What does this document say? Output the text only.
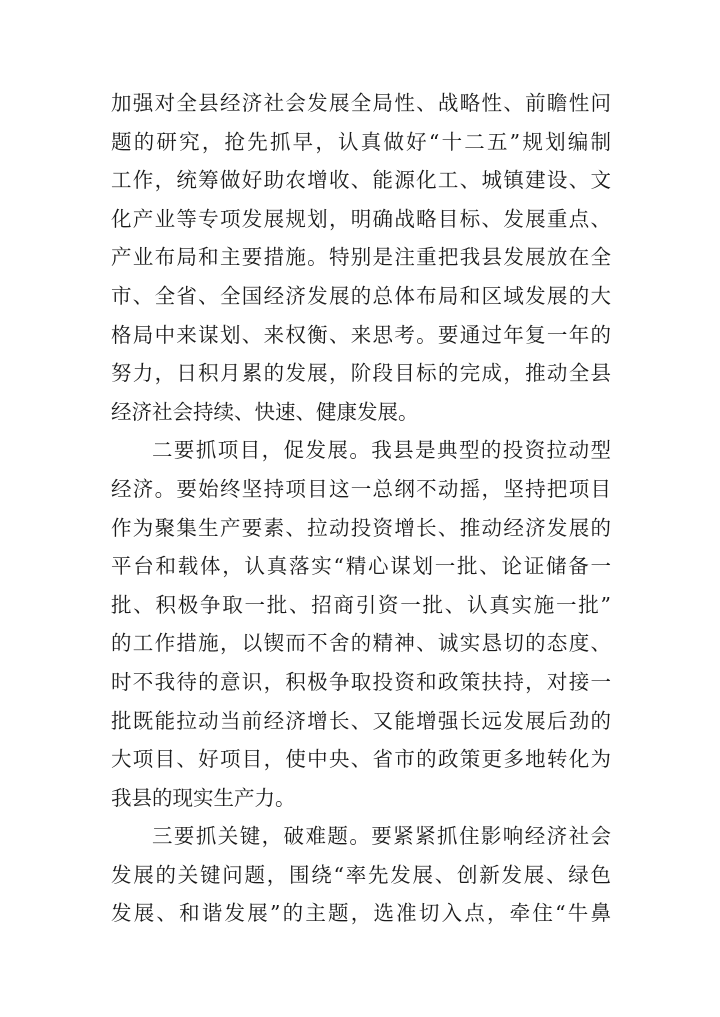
加强对全县经济社会发展全局性、战略性、前瞻性问
题的研究，抢先抓早，认真做好“十二五”规划编制
工作，统筹做好助农增收、能源化工、城镇建设、文
化产业等专项发展规划，明确战略目标、发展重点、
产业布局和主要措施。特别是注重把我县发展放在全
市、全省、全国经济发展的总体布局和区域发展的大
格局中来谋划、来权衡、来思考。要通过年复一年的
努力，日积月累的发展，阶段目标的完成，推动全县
经济社会持续、快速、健康发展。
二要抓项目，促发展。我县是典型的投资拉动型
经济。要始终坚持项目这一总纲不动摇，坚持把项目
作为聚集生产要素、拉动投资增长、推动经济发展的
平台和载体，认真落实“精心谋划一批、论证储备一
批、积极争取一批、招商引资一批、认真实施一批”
的工作措施，以锲而不舍的精神、诚实恳切的态度、
时不我待的意识，积极争取投资和政策扶持，对接一
批既能拉动当前经济增长、又能增强长远发展后劲的
大项目、好项目，使中央、省市的政策更多地转化为
我县的现实生产力。
三要抓关键，破难题。要紧紧抓住影响经济社会
发展的关键问题，围绕“率先发展、创新发展、绿色
发展、和谐发展”的主题，选准切入点，牵住“牛鼻
